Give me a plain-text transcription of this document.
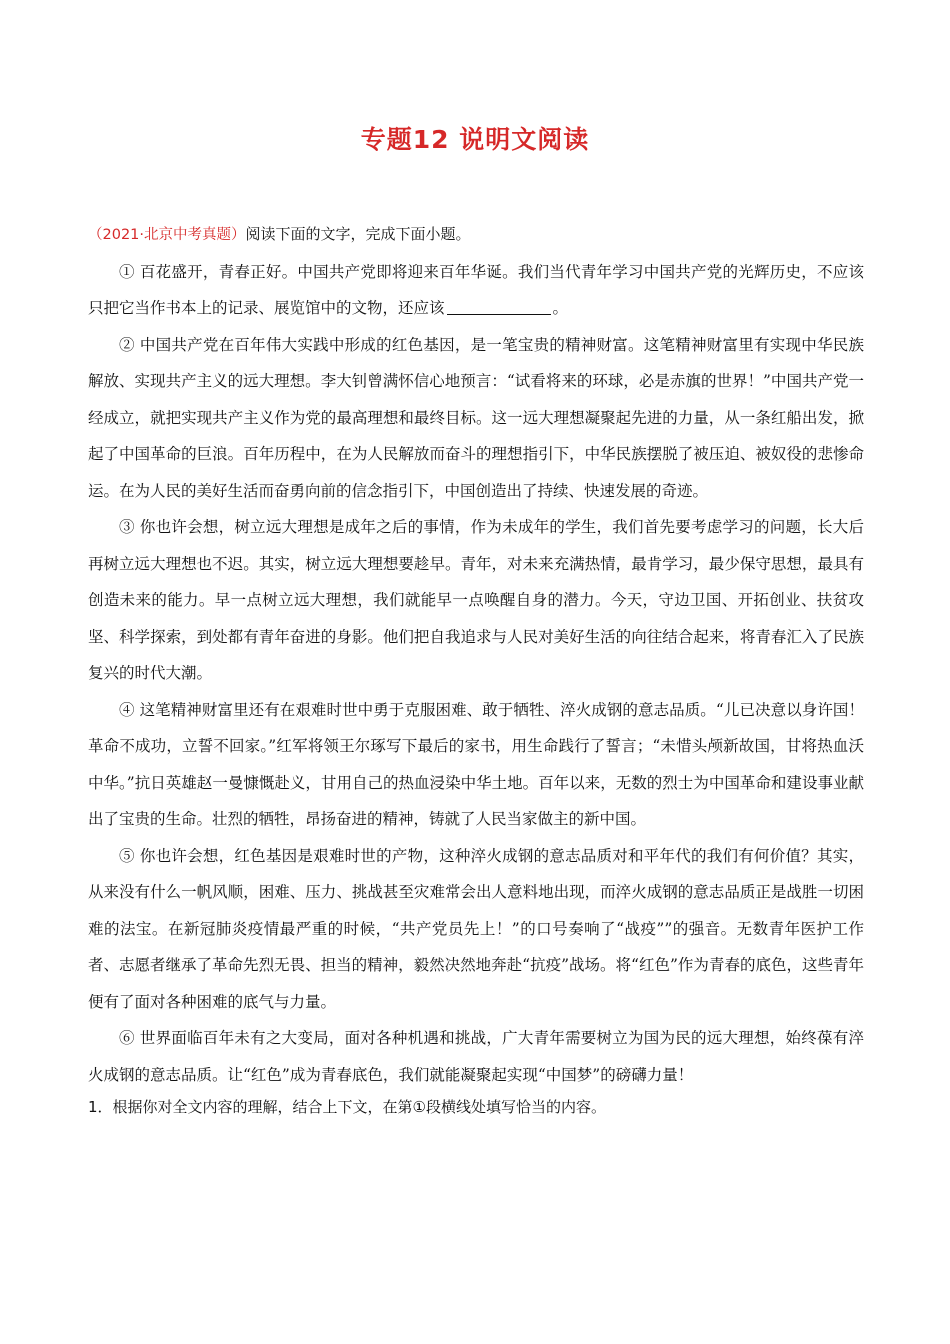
专题12 说明文阅读

（2021·北京中考真题）阅读下面的文字，完成下面小题。

① 百花盛开，青春正好。中国共产党即将迎来百年华诞。我们当代青年学习中国共产党的光辉历史，不应该只把它当作书本上的记录、展览馆中的文物，还应该	。

② 中国共产党在百年伟大实践中形成的红色基因，是一笔宝贵的精神财富。这笔精神财富里有实现中华民族解放、实现共产主义的远大理想。李大钊曾满怀信心地预言：“试看将来的环球，必是赤旗的世界！”中国共产党一经成立，就把实现共产主义作为党的最高理想和最终目标。这一远大理想凝聚起先进的力量，从一条红船出发，掀起了中国革命的巨浪。百年历程中，在为人民解放而奋斗的理想指引下，中华民族摆脱了被压迫、被奴役的悲惨命运。在为人民的美好生活而奋勇向前的信念指引下，中国创造出了持续、快速发展的奇迹。

③ 你也许会想，树立远大理想是成年之后的事情，作为未成年的学生，我们首先要考虑学习的问题，长大后再树立远大理想也不迟。其实，树立远大理想要趁早。青年，对未来充满热情，最肯学习，最少保守思想，最具有创造未来的能力。早一点树立远大理想，我们就能早一点唤醒自身的潜力。今天，守边卫国、开拓创业、扶贫攻坚、科学探索，到处都有青年奋进的身影。他们把自我追求与人民对美好生活的向往结合起来，将青春汇入了民族复兴的时代大潮。

④ 这笔精神财富里还有在艰难时世中勇于克服困难、敢于牺牲、淬火成钢的意志品质。“儿已决意以身许国！革命不成功，立誓不回家。”红军将领王尔琢写下最后的家书，用生命践行了誓言；“未惜头颅新故国，甘将热血沃中华。”抗日英雄赵一曼慷慨赴义，甘用自己的热血浸染中华土地。百年以来，无数的烈士为中国革命和建设事业献出了宝贵的生命。壮烈的牺牲，昂扬奋进的精神，铸就了人民当家做主的新中国。

⑤ 你也许会想，红色基因是艰难时世的产物，这种淬火成钢的意志品质对和平年代的我们有何价值？其实，从来没有什么一帆风顺，困难、压力、挑战甚至灾难常会出人意料地出现，而淬火成钢的意志品质正是战胜一切困难的法宝。在新冠肺炎疫情最严重的时候，“共产党员先上！”的口号奏响了“战疫””的强音。无数青年医护工作者、志愿者继承了革命先烈无畏、担当的精神，毅然决然地奔赴“抗疫”战场。将“红色”作为青春的底色，这些青年便有了面对各种困难的底气与力量。

⑥ 世界面临百年未有之大变局，面对各种机遇和挑战，广大青年需要树立为国为民的远大理想，始终葆有淬火成钢的意志品质。让“红色”成为青春底色，我们就能凝聚起实现“中国梦”的磅礴力量！

1．根据你对全文内容的理解，结合上下文，在第①段横线处填写恰当的内容。
